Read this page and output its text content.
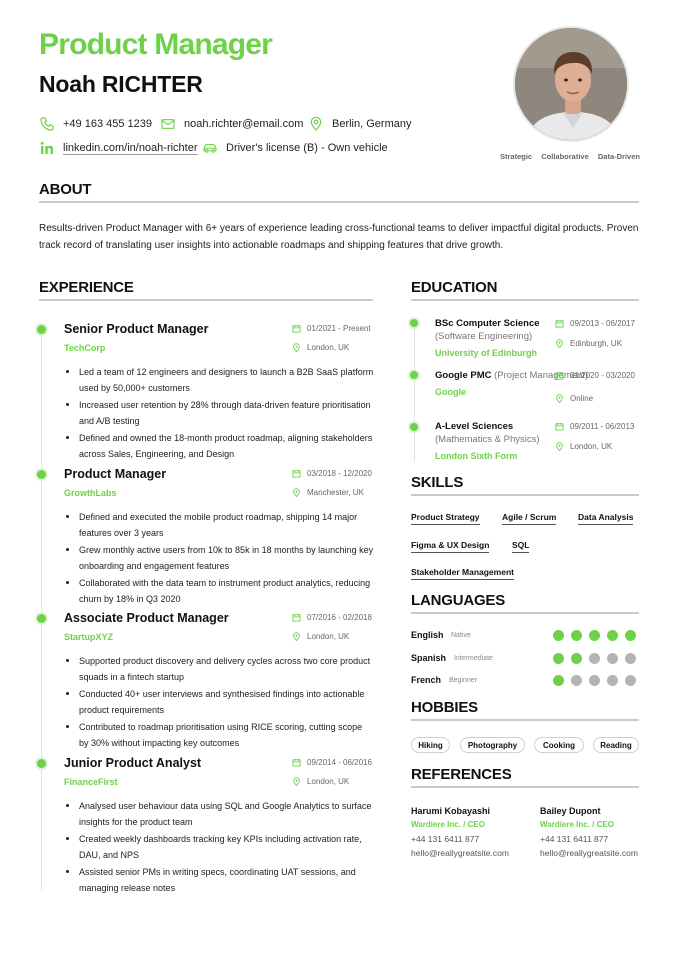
Product Manager
Noah RICHTER
+49 163 455 1239	noah.richter@email.com	Berlin, Germany
linkedin.com/in/noah-richter	Driver's license (B) - Own vehicle
Strategic Collaborative Data-Driven
ABOUT
Results-driven Product Manager with 6+ years of experience leading cross-functional teams to deliver impactful digital products. Proven track record of translating user insights into actionable roadmaps and shipping features that drive growth.
EXPERIENCE
Senior Product Manager
TechCorp
01/2021 - Present
London, UK
Led a team of 12 engineers and designers to launch a B2B SaaS platform used by 50,000+ customers
Increased user retention by 28% through data-driven feature prioritisation and A/B testing
Defined and owned the 18-month product roadmap, aligning stakeholders across Sales, Engineering, and Design
Product Manager
GrowthLabs
03/2018 - 12/2020
Manchester, UK
Defined and executed the mobile product roadmap, shipping 14 major features over 3 years
Grew monthly active users from 10k to 85k in 18 months by launching key onboarding and engagement features
Collaborated with the data team to instrument product analytics, reducing churn by 18% in Q3 2020
Associate Product Manager
StartupXYZ
07/2016 - 02/2018
London, UK
Supported product discovery and delivery cycles across two core product squads in a fintech startup
Conducted 40+ user interviews and synthesised findings into actionable product requirements
Contributed to roadmap prioritisation using RICE scoring, cutting scope by 30% without impacting key outcomes
Junior Product Analyst
FinanceFirst
09/2014 - 06/2016
London, UK
Analysed user behaviour data using SQL and Google Analytics to surface insights for the product team
Created weekly dashboards tracking key KPIs including activation rate, DAU, and NPS
Assisted senior PMs in writing specs, coordinating UAT sessions, and managing release notes
EDUCATION
BSc Computer Science
(Software Engineering)
University of Edinburgh
09/2013 - 06/2017
Edinburgh, UK
Google PMC (Project Management)
Google
01/2020 - 03/2020
Online
A-Level Sciences
(Mathematics & Physics)
London Sixth Form
09/2011 - 06/2013
London, UK
SKILLS
Product Strategy	Agile / Scrum	Data Analysis
Figma & UX Design	SQL
Stakeholder Management
LANGUAGES
English Native
Spanish Intermediate
French Beginner
HOBBIES
Hiking	Photography	Cooking	Reading
REFERENCES
Harumi Kobayashi
Wardiere Inc. / CEO
+44 131 6411 877
hello@reallygreatsite.com
Bailey Dupont
Wardiere Inc. / CEO
+44 131 6411 877
hello@reallygreatsite.com
